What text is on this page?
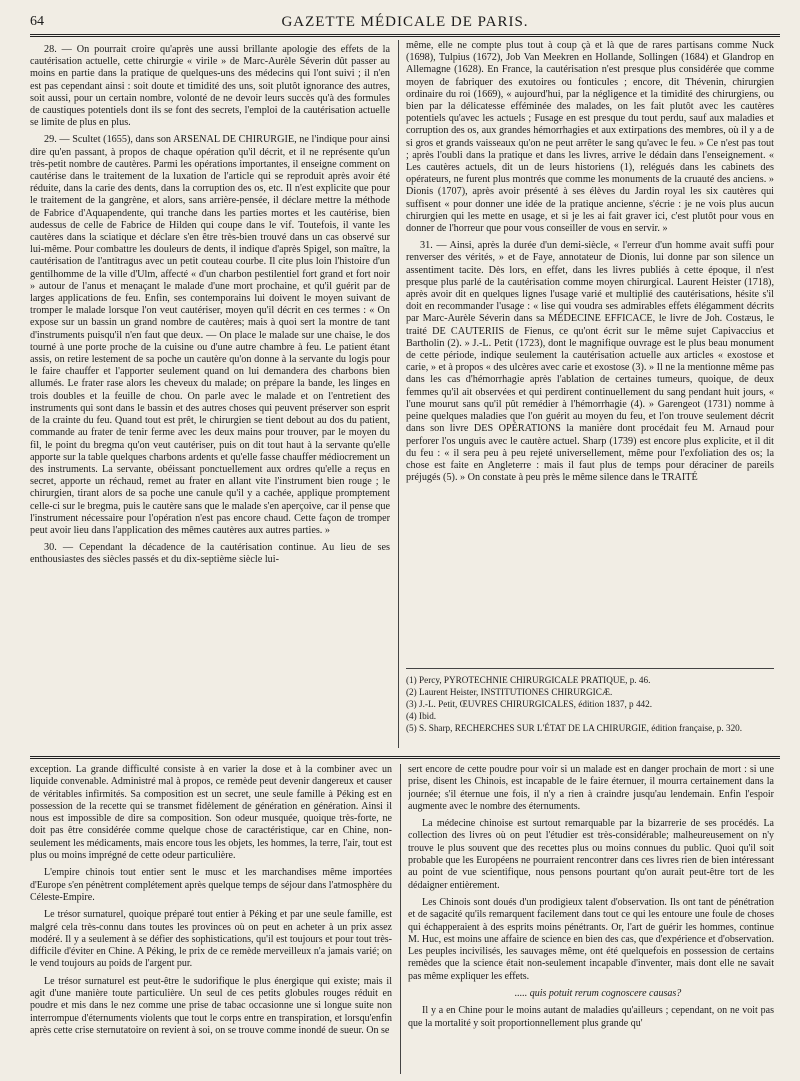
64	GAZETTE MÉDICALE DE PARIS.

28. — On pourrait croire qu'après une aussi brillante apologie des effets de la cautérisation actuelle, cette chirurgie « virile » de Marc-Aurèle Séverin dût passer au moins en partie dans la pratique de quelques-uns des médecins qui l'ont suivi ; il n'en est pas cependant ainsi : soit doute et timidité des uns, soit plutôt ignorance des autres, soit aussi, pour un certain nombre, volonté de ne devoir leurs succès qu'à des formules de caustiques potentiels dont ils se font des secrets, l'emploi de la cautérisation actuelle se limite de plus en plus.

29. — Scultet (1655), dans son ARSENAL DE CHIRURGIE, ne l'indique pour ainsi dire qu'en passant, à propos de chaque opération qu'il décrit, et il ne représente qu'un très-petit nombre de cautères. Parmi les opérations importantes, il enseigne comment on cautérise dans le traitement de la luxation de l'article qui se reproduit après avoir été réduite, dans la carie des dents, dans la corruption des os, etc. Il n'est explicite que pour le traitement de la gangrène, et alors, sans arrière-pensée, il déclare mettre la méthode de Fabrice d'Aquapendente, qui tranche dans les parties mortes et les cautérise, bien audessus de celle de Fabrice de Hilden qui coupe dans le vif. Toutefois, il vante les cautères dans la sciatique et déclare s'en être très-bien trouvé dans un cas observé sur lui-même. Pour combattre les douleurs de dents, il indique d'après Spigel, son maître, la cautérisation de l'antitragus avec un petit couteau courbe. Il cite plus loin l'histoire d'un gentilhomme de la ville d'Ulm, affecté « d'un charbon pestilentiel fort grand et fort noir » autour de l'anus et menaçant le malade d'une mort prochaine, et qu'il guérit par de larges applications de feu. Enfin, ses contemporains lui doivent le moyen suivant de tromper le malade lorsque l'on veut cautériser, moyen qu'il décrit en ces termes : « On expose sur un bassin un grand nombre de cautères; mais à quoi sert la montre de tant d'instruments puisqu'il n'en faut que deux. — On place le malade sur une chaise, le dos tourné à une porte proche de la cuisine ou d'une autre chambre à feu. Le patient étant assis, on retire lestement de sa poche un cautère qu'on donne à la servante du logis pour le faire chauffer et l'apporter seulement quand on lui demandera des charbons bien allumés. Le frater rase alors les cheveux du malade; on prépare la bande, les linges en trois doubles et la feuille de chou. On parle avec le malade et on l'entretient des instruments qui sont dans le bassin et des autres choses qui peuvent préserver son esprit de la crainte du feu. Quand tout est prêt, le chirurgien se tient debout au dos du patient, commande au frater de tenir ferme avec les deux mains pour trouver, par le moyen du fil, le point du bregma qu'on veut cautériser, puis on dit tout haut à la servante qu'elle apporte sur la table quelques charbons ardents et qu'elle fasse chauffer médiocrement un des instruments. La servante, obéissant ponctuellement aux ordres qu'elle a reçus en secret, apporte un réchaud, remet au frater en allant vite l'instrument bien rouge ; le chirurgien, tirant alors de sa poche une canule qu'il y a cachée, applique promptement celle-ci sur le bregma, puis le cautère sans que le malade s'en aperçoive, car il pense que l'instrument nécessaire pour l'opération n'est pas encore chaud. Cette façon de tromper peut avoir lieu dans l'application des mêmes cautères aux autres parties. »

30. — Cependant la décadence de la cautérisation continue. Au lieu de ses enthousiastes des siècles passés et du dix-septième siècle lui-

même, elle ne compte plus tout à coup çà et là que de rares partisans comme Nuck (1698), Tulpius (1672), Job Van Meekren en Hollande, Sollingen (1684) et Glandrop en Allemagne (1628). En France, la cautérisation n'est presque plus considérée que comme moyen de fabriquer des exutoires ou fonticules ; encore, dit Thévenin, chirurgien ordinaire du roi (1669), « aujourd'hui, par la négligence et la timidité des chirurgiens, ou bien par la délicatesse efféminée des malades, on les fait plutôt avec les cautères potentiels qu'avec les actuels ; Fusage en est presque du tout perdu, sauf aux maladies et corruption des os, aux grandes hémorrhagies et aux extirpations des membres, où il y a de si gros et grands vaisseaux qu'on ne peut arrêter le sang qu'avec le feu. » Ce n'est pas tout ; après l'oubli dans la pratique et dans les livres, arrive le dédain dans l'enseignement. « Les cautères actuels, dit un de leurs historiens (1), relégués dans les cabinets des opérateurs, ne furent plus montrés que comme les monuments de la cruauté des anciens. » Dionis (1707), après avoir présenté à ses élèves du Jardin royal les six cautères qui suffisent « pour donner une idée de la pratique ancienne, s'écrie : je ne vois plus aucun chirurgien qui les mette en usage, et si je les ai fait graver ici, c'est plutôt pour vous en donner de l'horreur que pour vous conseiller de vous en servir. »

31. — Ainsi, après la durée d'un demi-siècle, « l'erreur d'un homme avait suffi pour renverser des vérités, » et de Faye, annotateur de Dionis, lui donne par son silence un assentiment tacite. Dès lors, en effet, dans les livres publiés à cette époque, il n'est presque plus parlé de la cautérisation comme moyen chirurgical. Laurent Heister (1718), après avoir dit en quelques lignes l'usage varié et multiplié des cautérisations, hésite s'il doit en recommander l'usage : « lise qui voudra ses admirables effets élégamment décrits par Marc-Aurèle Séverin dans sa MÉDECINE EFFICACE, le livre de Joh. Costæus, le traité DE CAUTERIIS de Fienus, ce qu'ont écrit sur le même sujet Capivaccius et Bartholin (2). » J.-L. Petit (1723), dont le magnifique ouvrage est le plus beau monument de cette période, indique seulement la cautérisation actuelle aux articles « exostose et carie, » et à propos « des ulcères avec carie et exostose (3). » Il ne la mentionne même pas dans les cas d'hémorrhagie après l'ablation de certaines tumeurs, quoique, de deux femmes qu'il ait observées et qui perdirent continuellement du sang pendant huit jours, « l'une mourut sans qu'il pût remédier à l'hémorrhagie (4). » Garengeot (1731) nomme à peine quelques maladies que l'on guérit au moyen du feu, et l'on trouve seulement décrit dans son livre DES OPÉRATIONS la manière dont procédait feu M. Arnaud pour perforer l'os unguis avec le cautère actuel. Sharp (1739) est encore plus explicite, et il dit du feu : « il sera peu à peu rejeté universellement, même pour l'exfoliation des os; la chose est faite en Angleterre : mais il faut plus de temps pour déraciner de pareils préjugés (5). » On constate à peu près le même silence dans le TRAITÉ

(1) Percy, PYROTECHNIE CHIRURGICALE PRATIQUE, p. 46.
(2) Laurent Heister, INSTITUTIONES CHIRURGICÆ.
(3) J.-L. Petit, ŒUVRES CHIRURGICALES, édition 1837, p 442.
(4) Ibid.
(5) S. Sharp, RECHERCHES SUR L'ÉTAT DE LA CHIRURGIE, édition française, p. 320.

exception. La grande difficulté consiste à en varier la dose et à la combiner avec un liquide convenable. Administré mal à propos, ce remède peut devenir dangereux et causer de véritables infirmités. Sa composition est un secret, une seule famille à Péking est en possession de la recette qui se transmet fidèlement de génération en génération. Ainsi il nous est impossible de dire sa composition. Son odeur musquée, quoique très-forte, ne doit pas être considérée comme quelque chose de caractéristique, car en Chine, non-seulement les médicaments, mais encore tous les objets, les hommes, la terre, l'air, tout est plus ou moins imprégné de cette odeur particulière.

L'empire chinois tout entier sent le musc et les marchandises même importées d'Europe s'en pénètrent complétement après quelque temps de séjour dans l'atmosphère du Céleste-Empire.

Le trésor surnaturel, quoique préparé tout entier à Péking et par une seule famille, est malgré cela très-connu dans toutes les provinces où on peut en acheter à un prix assez modéré. Il y a seulement à se défier des sophistications, qu'il est toujours et pour tout très-difficile d'éviter en Chine. A Péking, le prix de ce remède merveilleux n'a jamais varié; on le vend toujours au poids de l'argent pur.

Le trésor surnaturel est peut-être le sudorifique le plus énergique qui existe; mais il agit d'une manière toute particulière. Un seul de ces petits globules rouges réduit en poudre et mis dans le nez comme une prise de tabac occasionne une si longue suite non interrompue d'éternuments violents que tout le corps entre en transpiration, et lorsqu'enfin après cette crise sternutatoire on revient à soi, on se trouve comme inondé de sueur. On se

sert encore de cette poudre pour voir si un malade est en danger prochain de mort : si une prise, disent les Chinois, est incapable de le faire éternuer, il mourra certainement dans la journée; s'il éternue une fois, il n'y a rien à craindre jusqu'au lendemain. Enfin l'espoir augmente avec le nombre des éternuments.

La médecine chinoise est surtout remarquable par la bizarrerie de ses procédés. La collection des livres où on peut l'étudier est très-considérable; malheureusement on n'y trouve le plus souvent que des recettes plus ou moins connues du public. Quoi qu'il soit probable que les Européens ne pourraient rencontrer dans ces livres rien de bien intéressant au point de vue scientifique, nous pensons pourtant qu'on aurait peut-être tort de les dédaigner entièrement.

Les Chinois sont doués d'un prodigieux talent d'observation. Ils ont tant de pénétration et de sagacité qu'ils remarquent facilement dans tout ce qui les entoure une foule de choses qui échapperaient à des esprits moins pénétrants. Or, l'art de guérir les hommes, continue M. Huc, est moins une affaire de science en bien des cas, que d'expérience et d'observation. Les peuples incivilisés, les sauvages même, ont été quelquefois en possession de certains remèdes que la science était non-seulement incapable d'inventer, mais dont elle ne savait pas même expliquer les effets.

..... quis potuit rerum cognoscere causas?

Il y a en Chine pour le moins autant de maladies qu'ailleurs ; cependant, on ne voit pas que la mortalité y soit proportionnellement plus grande qu'
